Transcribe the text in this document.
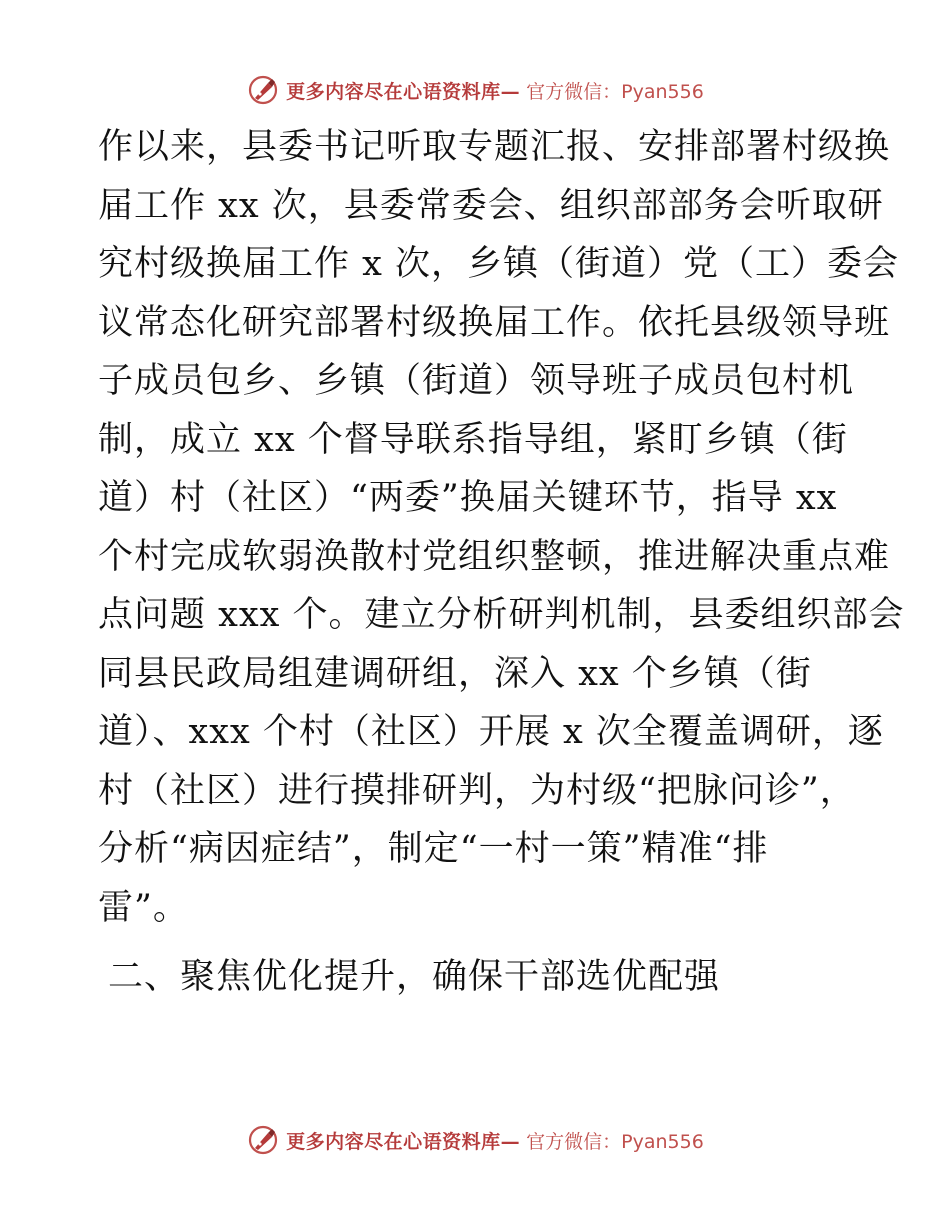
更多内容尽在心语资料库— 官方微信：Pyan556
作以来，县委书记听取专题汇报、安排部署村级换
届工作 xx 次，县委常委会、组织部部务会听取研
究村级换届工作 x 次，乡镇（街道）党（工）委会
议常态化研究部署村级换届工作。依托县级领导班
子成员包乡、乡镇（街道）领导班子成员包村机
制，成立 xx 个督导联系指导组，紧盯乡镇（街
道）村（社区）“两委”换届关键环节，指导 xx
个村完成软弱涣散村党组织整顿，推进解决重点难
点问题 xxx 个。建立分析研判机制，县委组织部会
同县民政局组建调研组，深入 xx 个乡镇（街
道）、xxx 个村（社区）开展 x 次全覆盖调研，逐
村（社区）进行摸排研判，为村级“把脉问诊”，
分析“病因症结”，制定“一村一策”精准“排
雷”。
二、聚焦优化提升，确保干部选优配强
更多内容尽在心语资料库— 官方微信：Pyan556
